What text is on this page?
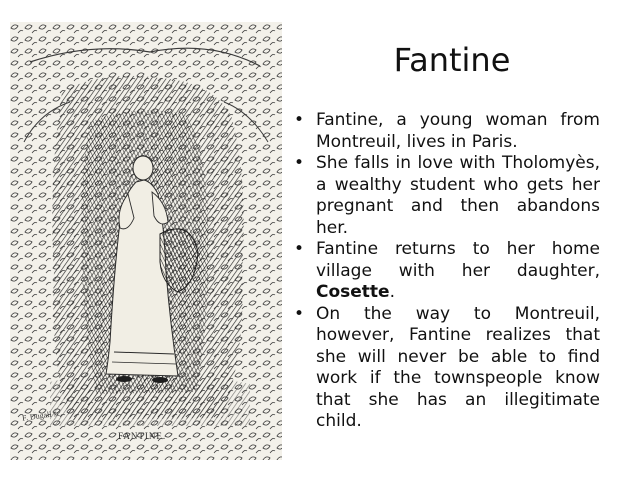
F. Dugall sc.
FANTINE.
Fantine
•
Fantine, a young woman from Montreuil, lives in Paris.
•
She falls in love with Tholomyès, a wealthy student who gets her pregnant and then abandons her.
•
Fantine returns to her home village with her daughter, Cosette.
•
On the way to Montreuil, however, Fantine realizes that she will never be able to find work if the townspeople know that she has an illegitimate child.
